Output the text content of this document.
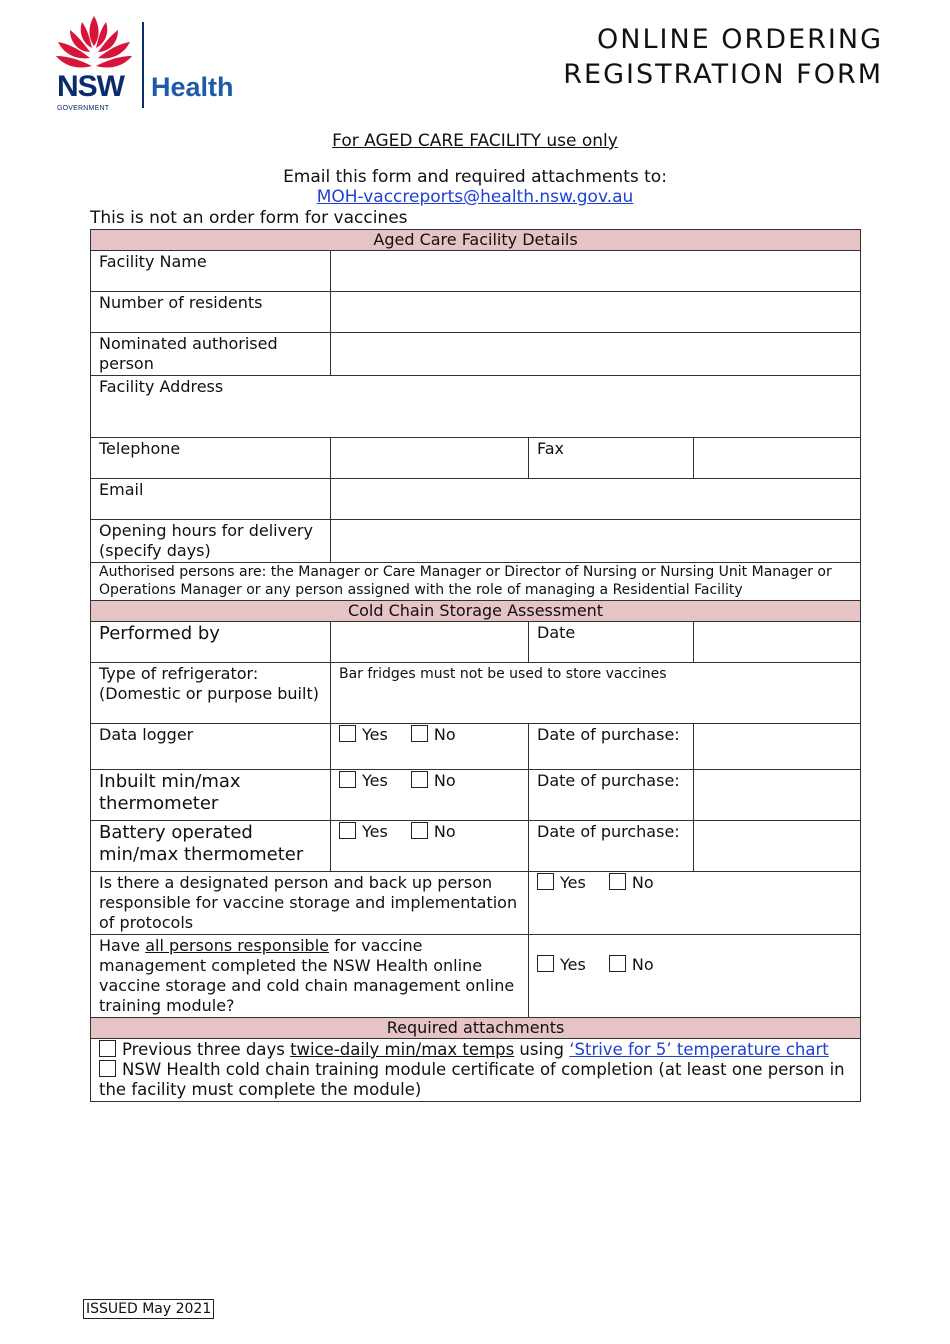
NSW
GOVERNMENT
Health
ONLINE ORDERING
REGISTRATION FORM
For AGED CARE FACILITY use only
Email this form and required attachments to:
MOH-vaccreports@health.nsw.gov.au
This is not an order form for vaccines
Aged Care Facility Details			
Facility Name			
Number of residents			
Nominated authorised person			
Facility Address			
Telephone		Fax	
Email			
Opening hours for delivery (specify days)			
Authorised persons are: the Manager or Care Manager or Director of Nursing or Nursing Unit Manager or Operations Manager or any person assigned with the role of managing a Residential Facility			
Cold Chain Storage Assessment			
Performed by		Date	
Type of refrigerator: (Domestic or purpose built)	Bar fridges must not be used to store vaccines		
Data logger	Yes No	Date of purchase:	
Inbuilt min/max thermometer	Yes No	Date of purchase:	
Battery operated min/max thermometer	Yes No	Date of purchase:	
Is there a designated person and back up person responsible for vaccine storage and implementation of protocols		Yes No	
Have all persons responsible for vaccine management completed the NSW Health online vaccine storage and cold chain management online training module?		Yes No	
Required attachments			

Previous three days twice-daily min/max temps using ‘Strive for 5’ temperature chart
NSW Health cold chain training module certificate of completion (at least one person in the facility must complete the module)			
ISSUED May 2021
